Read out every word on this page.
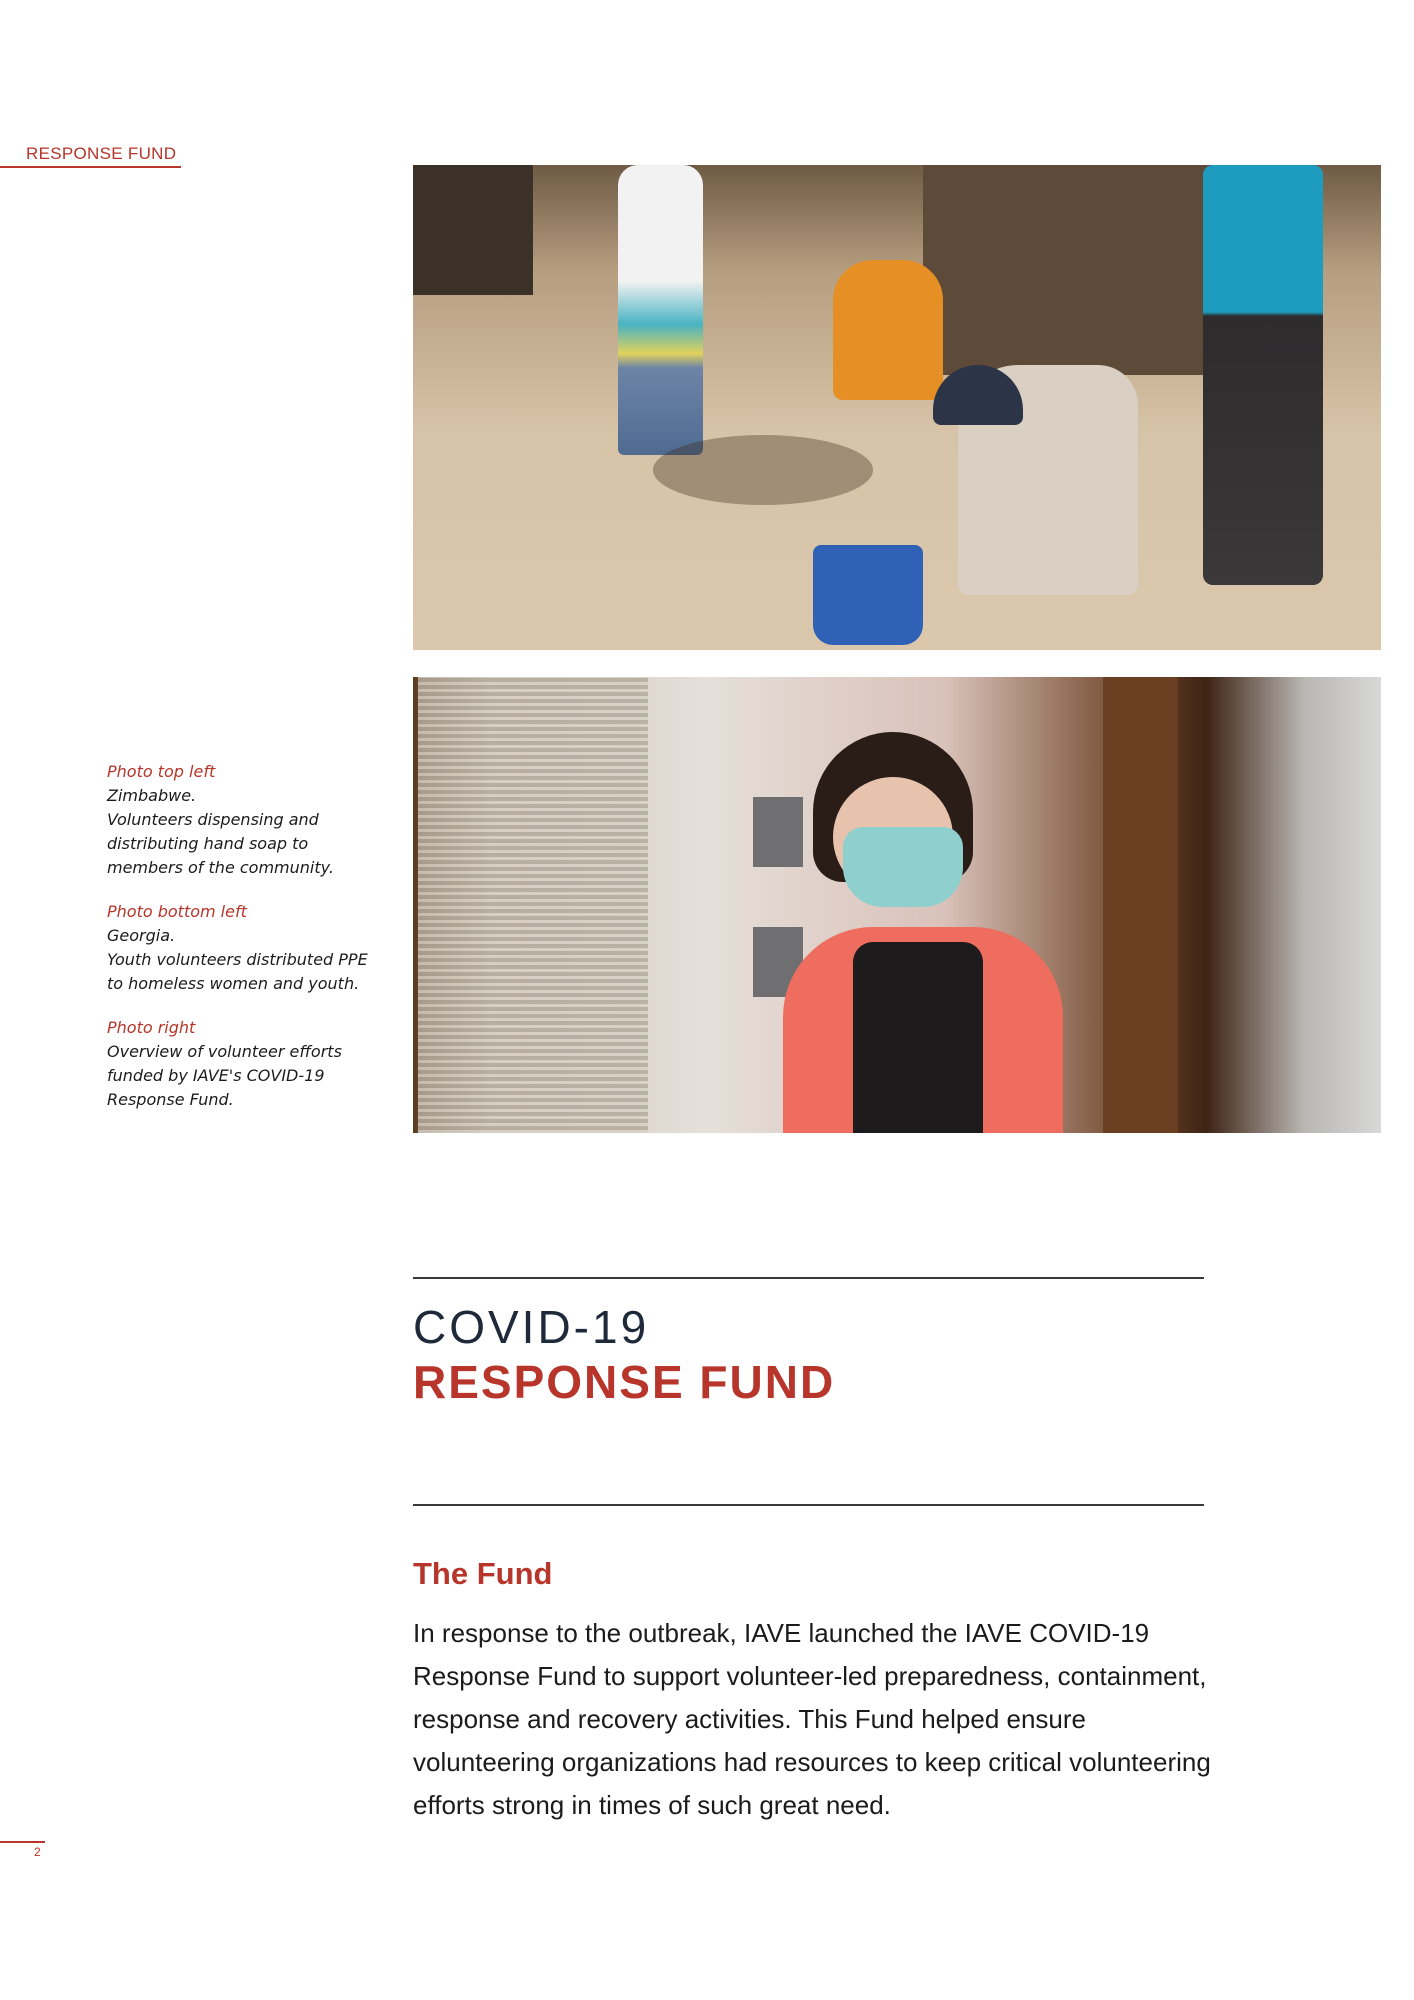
RESPONSE FUND

Photo top left

Zimbabwe.

Volunteers dispensing and

distributing hand soap to

members of the community.

Photo bottom left

Georgia.

Youth volunteers distributed PPE

to homeless women and youth.

Photo right

Overview of volunteer efforts

funded by IAVE's COVID-19

Response Fund.

COVID-19
RESPONSE FUND
The Fund

In response to the outbreak, IAVE launched the IAVE COVID-19 Response Fund to support volunteer-led preparedness, containment, response and recovery activities. This Fund helped ensure volunteering organizations had resources to keep critical volunteering efforts strong in times of such great need.

2
